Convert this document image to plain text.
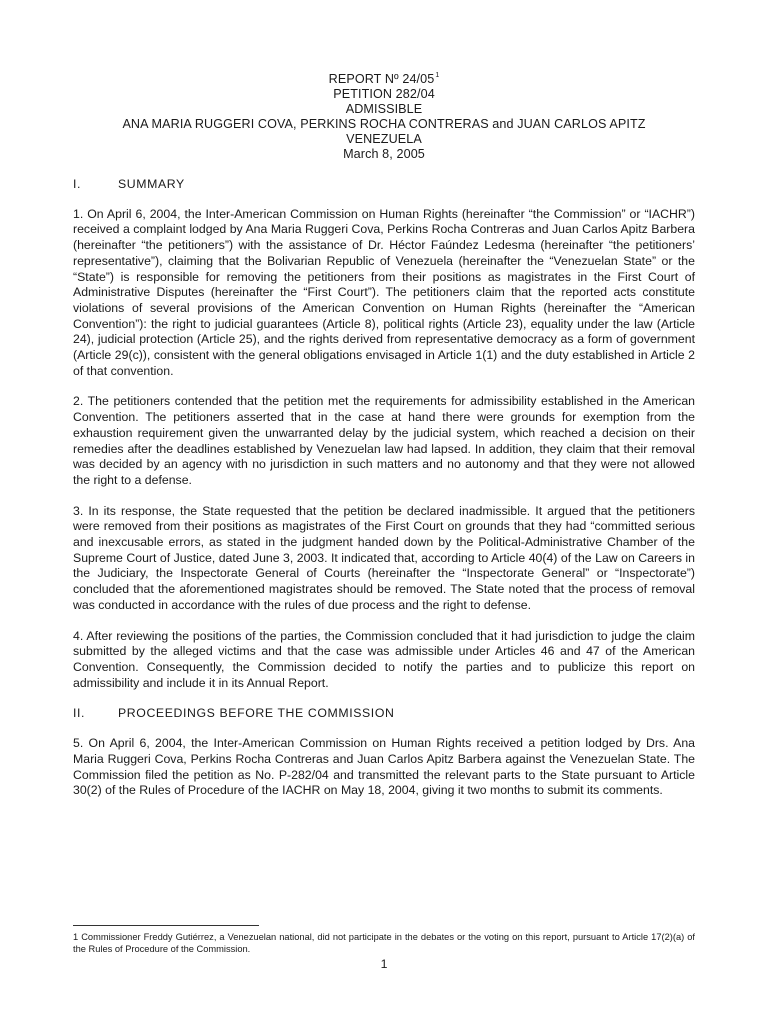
REPORT Nº $24/05^1$
PETITION 282/04
ADMISSIBLE
ANA MARIA RUGGERI COVA, PERKINS ROCHA CONTRERAS and JUAN CARLOS APITZ
VENEZUELA
March 8, 2005
I.	SUMMARY

1. On April 6, 2004, the Inter-American Commission on Human Rights (hereinafter “the Commission” or “IACHR”) received a complaint lodged by Ana Maria Ruggeri Cova, Perkins Rocha Contreras and Juan Carlos Apitz Barbera (hereinafter “the petitioners”) with the assistance of Dr. Héctor Faúndez Ledesma (hereinafter “the petitioners’ representative”), claiming that the Bolivarian Republic of Venezuela (hereinafter the “Venezuelan State” or the “State”) is responsible for removing the petitioners from their positions as magistrates in the First Court of Administrative Disputes (hereinafter the “First Court”). The petitioners claim that the reported acts constitute violations of several provisions of the American Convention on Human Rights (hereinafter the “American Convention”): the right to judicial guarantees (Article 8), political rights (Article 23), equality under the law (Article 24), judicial protection (Article 25), and the rights derived from representative democracy as a form of government (Article 29(c)), consistent with the general obligations envisaged in Article 1(1) and the duty established in Article 2 of that convention.

2. The petitioners contended that the petition met the requirements for admissibility established in the American Convention. The petitioners asserted that in the case at hand there were grounds for exemption from the exhaustion requirement given the unwarranted delay by the judicial system, which reached a decision on their remedies after the deadlines established by Venezuelan law had lapsed. In addition, they claim that their removal was decided by an agency with no jurisdiction in such matters and no autonomy and that they were not allowed the right to a defense.

3. In its response, the State requested that the petition be declared inadmissible. It argued that the petitioners were removed from their positions as magistrates of the First Court on grounds that they had “committed serious and inexcusable errors, as stated in the judgment handed down by the Political-Administrative Chamber of the Supreme Court of Justice, dated June 3, 2003. It indicated that, according to Article 40(4) of the Law on Careers in the Judiciary, the Inspectorate General of Courts (hereinafter the “Inspectorate General” or “Inspectorate”) concluded that the aforementioned magistrates should be removed. The State noted that the process of removal was conducted in accordance with the rules of due process and the right to defense.

4. After reviewing the positions of the parties, the Commission concluded that it had jurisdiction to judge the claim submitted by the alleged victims and that the case was admissible under Articles 46 and 47 of the American Convention. Consequently, the Commission decided to notify the parties and to publicize this report on admissibility and include it in its Annual Report.

II.	PROCEEDINGS BEFORE THE COMMISSION

5. On April 6, 2004, the Inter-American Commission on Human Rights received a petition lodged by Drs. Ana Maria Ruggeri Cova, Perkins Rocha Contreras and Juan Carlos Apitz Barbera against the Venezuelan State. The Commission filed the petition as No. P-282/04 and transmitted the relevant parts to the State pursuant to Article 30(2) of the Rules of Procedure of the IACHR on May 18, 2004, giving it two months to submit its comments.

1 Commissioner Freddy Gutiérrez, a Venezuelan national, did not participate in the debates or the voting on this report, pursuant to Article 17(2)(a) of the Rules of Procedure of the Commission.
1
